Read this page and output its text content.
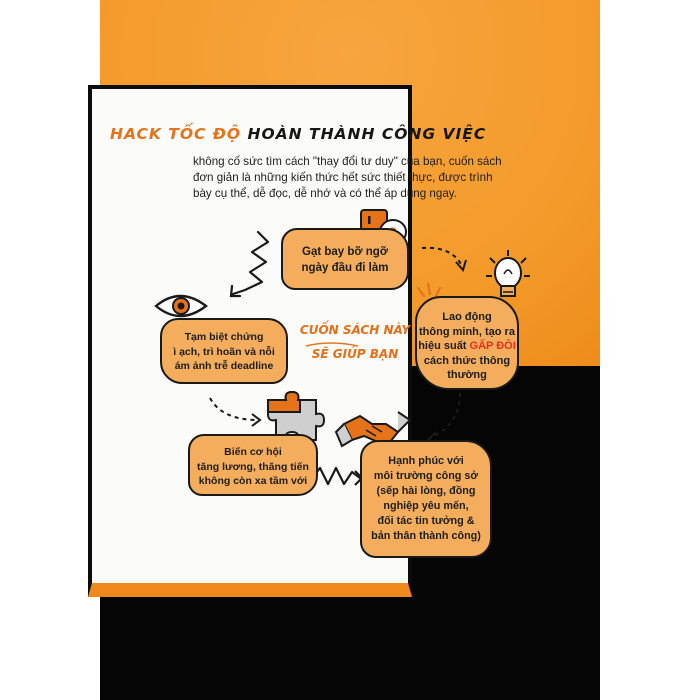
HACK TỐC ĐỘ HOÀN THÀNH CÔNG VIỆC
không cố sức tìm cách "thay đổi tư duy" của bạn, cuốn sách
đơn giản là những kiến thức hết sức thiết thực, được trình
bày cụ thể, dễ đọc, dễ nhớ và có thể áp dụng ngay.
Gạt bay bỡ ngỡ
ngày đầu đi làm
Lao động
thông minh, tạo ra
hiệu suất GẤP ĐÔI
cách thức thông
thường
Tạm biệt chứng
ì ạch, trì hoãn và nỗi
ám ảnh trễ deadline
Biến cơ hội
tăng lương, thăng tiến
không còn xa tầm với
Hạnh phúc với
môi trường công sở
(sếp hài lòng, đồng
nghiệp yêu mến,
đối tác tin tưởng &
bản thân thành công)
CUỐN SÁCH NÀY
SẼ GIÚP BẠN
